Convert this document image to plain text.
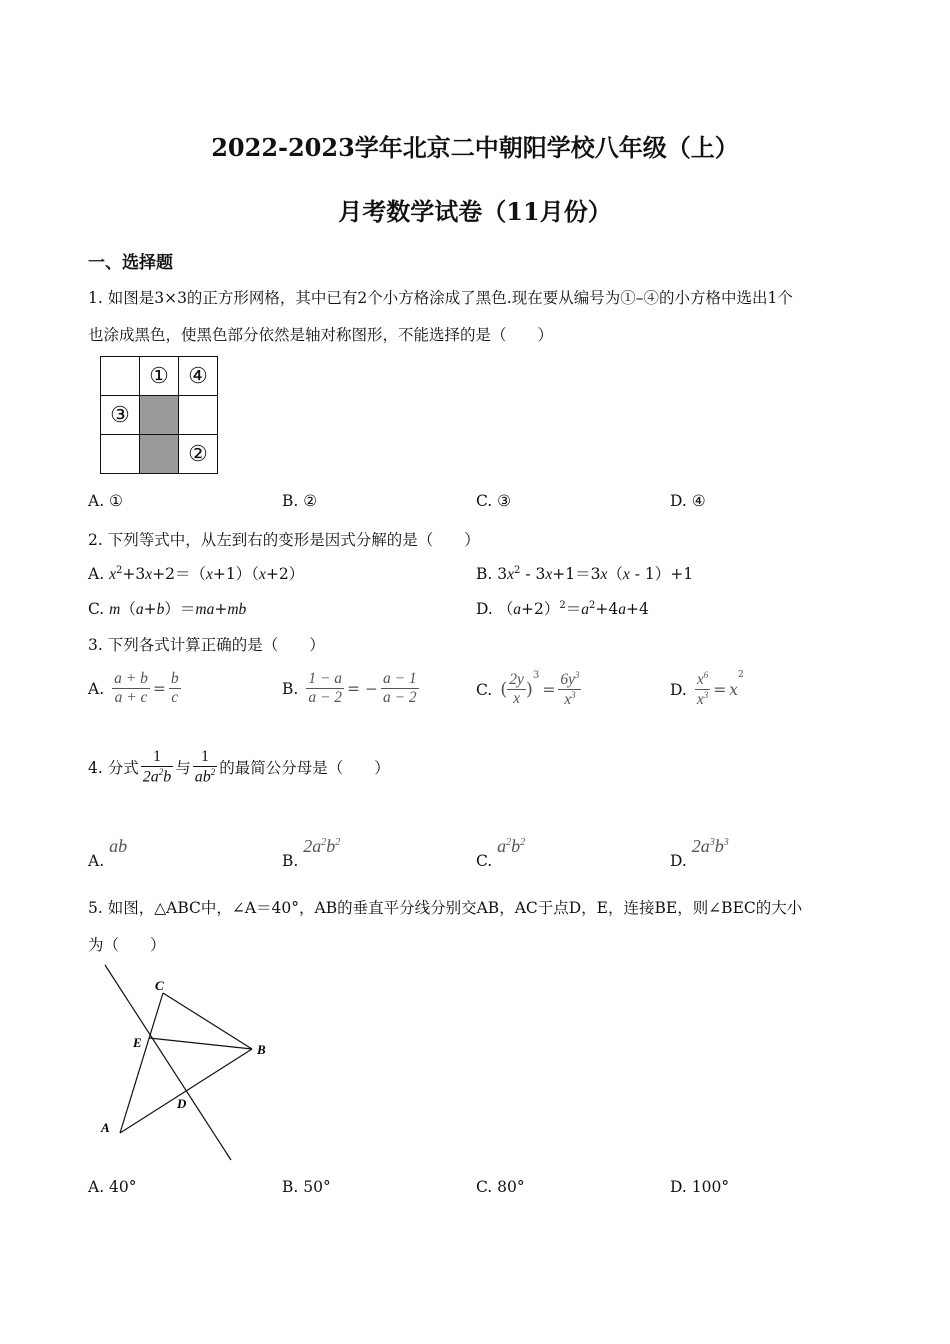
2022-2023学年北京二中朝阳学校八年级（上）
月考数学试卷（11月份）
一、选择题
1. 如图是3×3的正方形网格，其中已有2个小方格涂成了黑色.现在要从编号为①–④的小方格中选出1个
也涂成黑色，使黑色部分依然是轴对称图形，不能选择的是（　　）
	①	④
③		
		②
A. ①	B. ②	C. ③	D. ④
2. 下列等式中，从左到右的变形是因式分解的是（　　）
A. $x^2+3x+2=(x+1)(x+2)$	B. $3x^2 - 3x+1=3x(x - 1)+1$
C. m（a+b）＝ma+mb	D. $(a+2)^2=a^2+4a+4$
3. 下列各式计算正确的是（　　）
A. $\frac{a + b}{a + c} = \frac{b}{c}$	B. $\frac{1 - a}{a - 2}$ = − $\frac{a - 1}{a - 2}$	C. ( $\frac{2y}{x}$ )
$^3$
= $\frac{6y^3}{x^3}$	D. $\frac{x^6}{x^3} = x$
2
4. 分式 $\frac{1}{2a^2b}$ 与 $\frac{1}{ab^2}$ 的最简公分母是（　　）
A. ab
B. $2a^2b^2$
C. $a^2b^2$
D. $2a^3b^3$
5. 如图，△ABC中，∠A＝40°，AB的垂直平分线分别交AB，AC于点D，E，连接BE，则∠BEC的大小
为（　　）
C
E	B
D
A
A. 40°	B. 50°	C. 80°	D. 100°
